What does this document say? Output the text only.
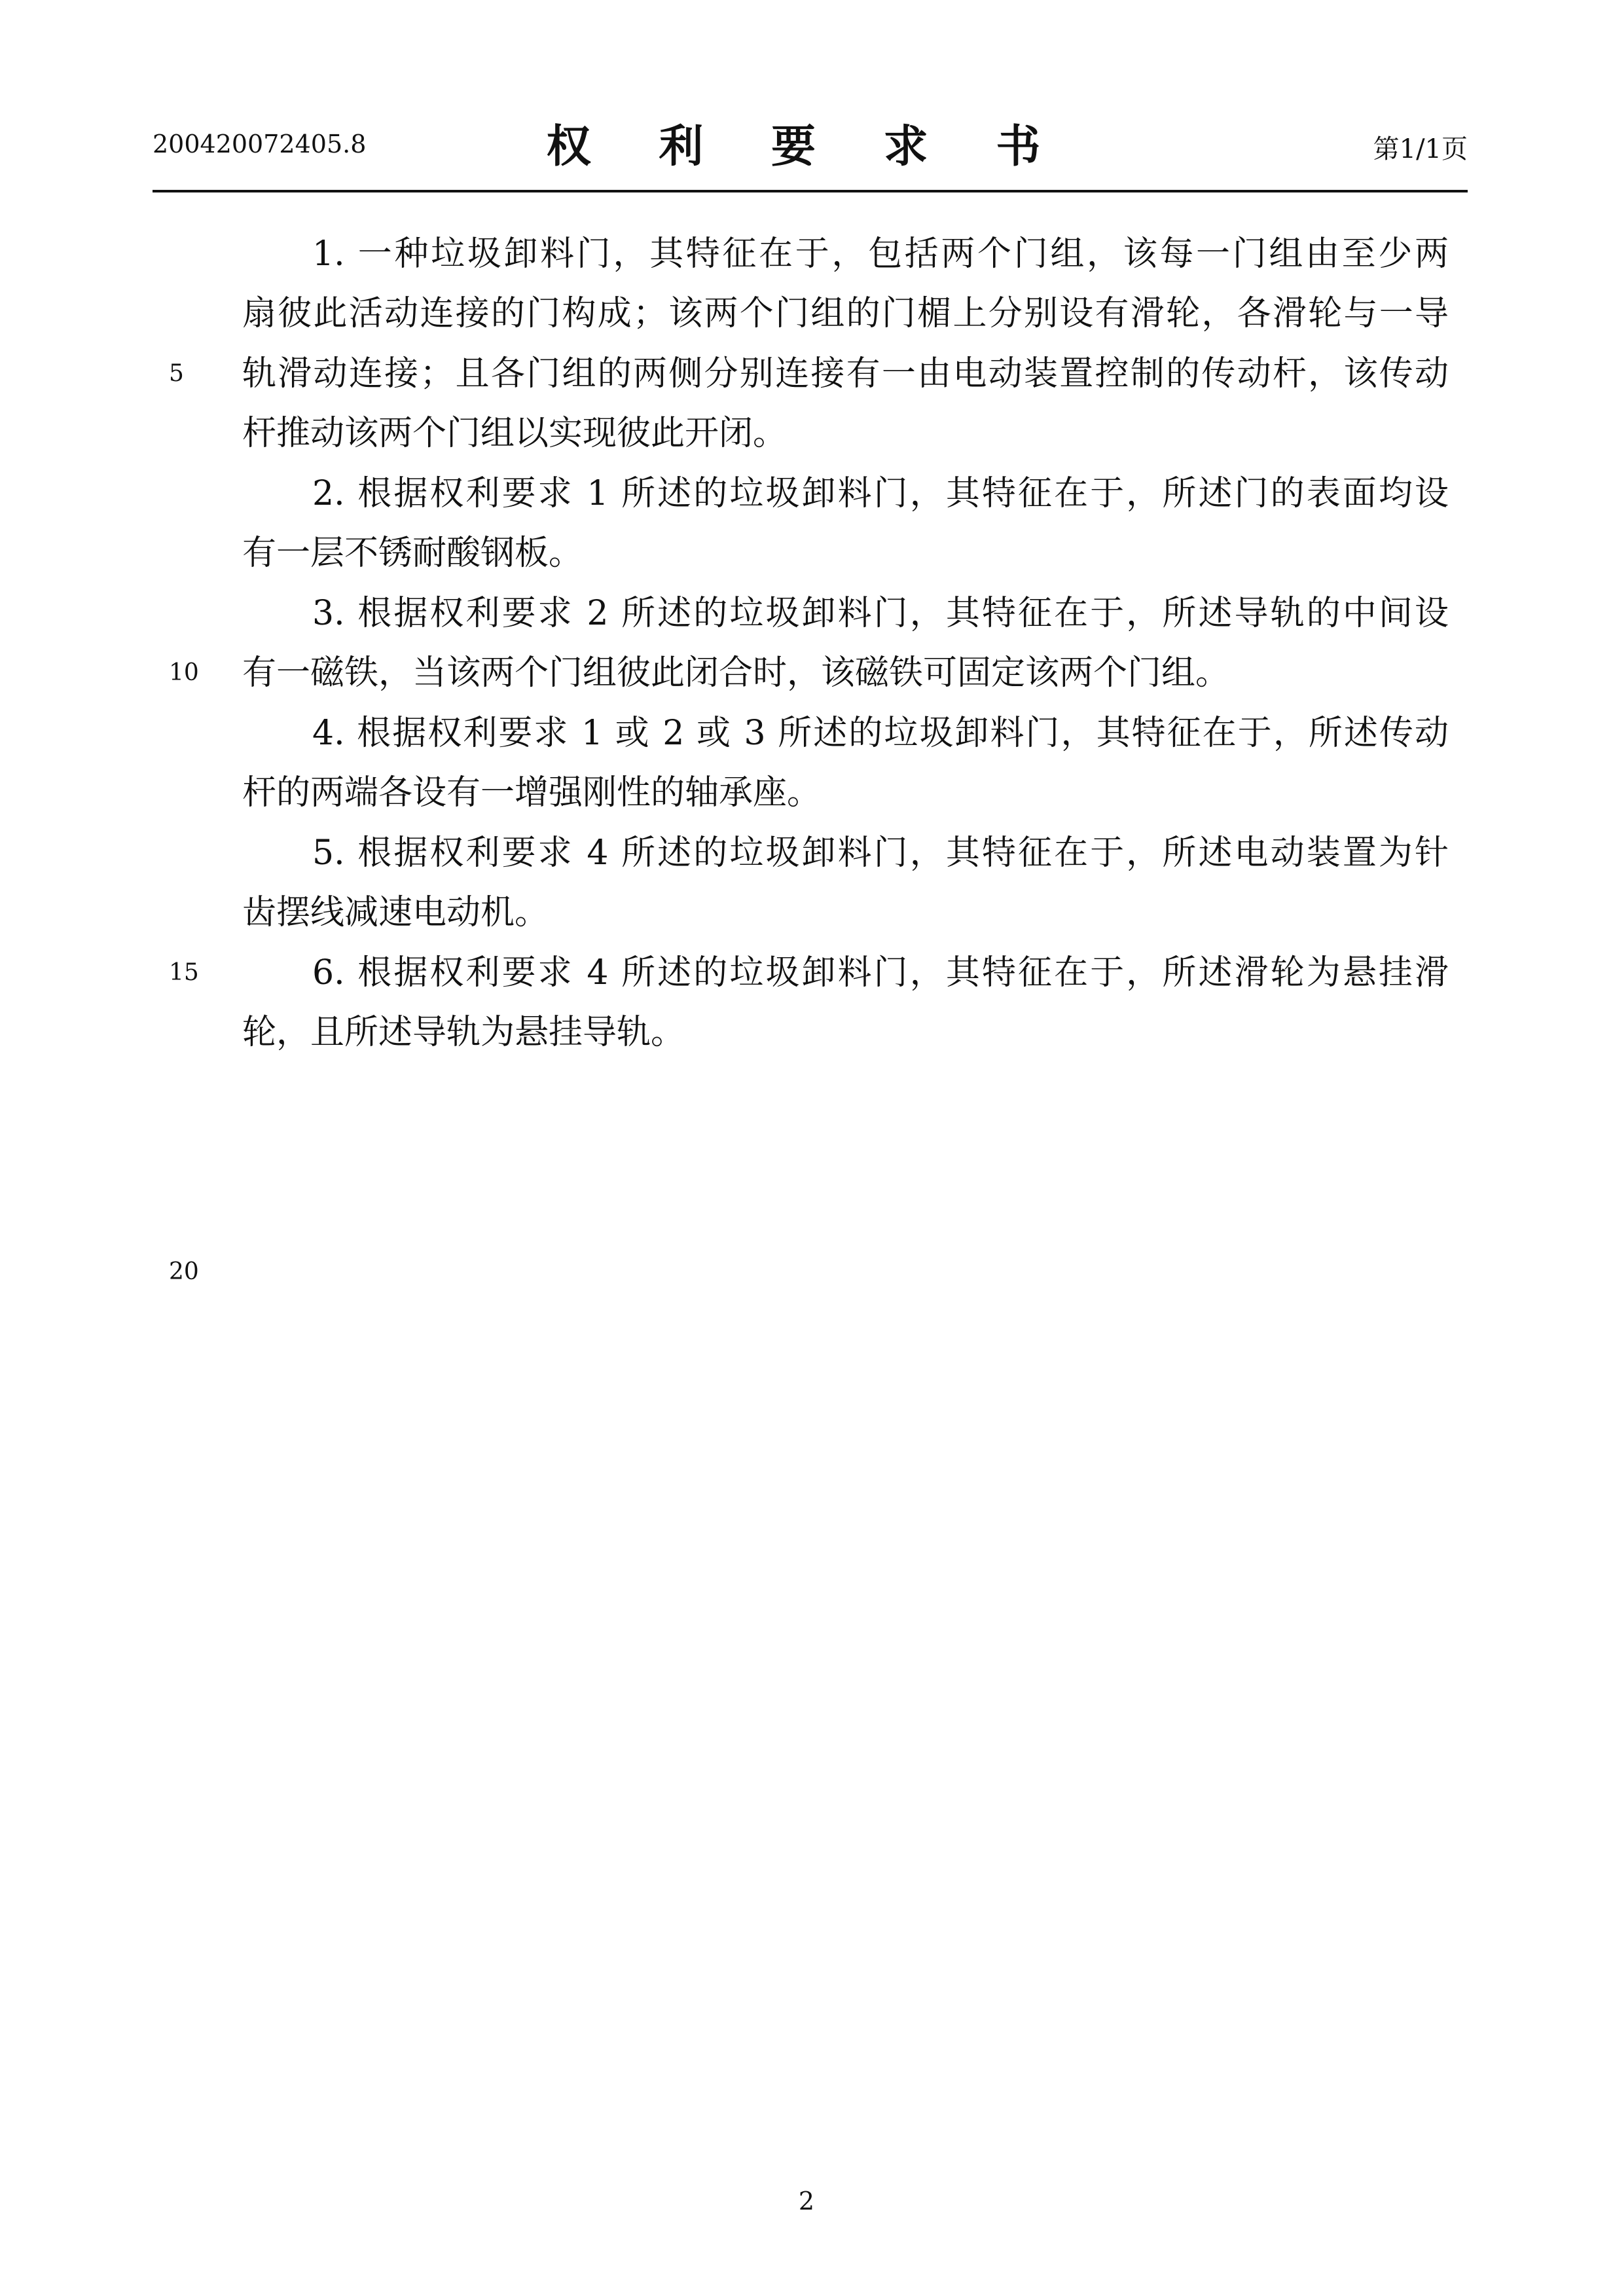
200420072405.8	权 利 要 求 书	第1/1页
1. 一种垃圾卸料门，其特征在于，包括两个门组，该每一门组由至少两
扇彼此活动连接的门构成；该两个门组的门楣上分别设有滑轮，各滑轮与一导
轨滑动连接；且各门组的两侧分别连接有一由电动装置控制的传动杆，该传动
杆推动该两个门组以实现彼此开闭。
2. 根据权利要求 1 所述的垃圾卸料门，其特征在于，所述门的表面均设
有一层不锈耐酸钢板。
3. 根据权利要求 2 所述的垃圾卸料门，其特征在于，所述导轨的中间设
有一磁铁，当该两个门组彼此闭合时，该磁铁可固定该两个门组。
4. 根据权利要求 1 或 2 或 3 所述的垃圾卸料门，其特征在于，所述传动
杆的两端各设有一增强刚性的轴承座。
5. 根据权利要求 4 所述的垃圾卸料门，其特征在于，所述电动装置为针
齿摆线减速电动机。
6. 根据权利要求 4 所述的垃圾卸料门，其特征在于，所述滑轮为悬挂滑
轮，且所述导轨为悬挂导轨。
5
10
15
20
2
